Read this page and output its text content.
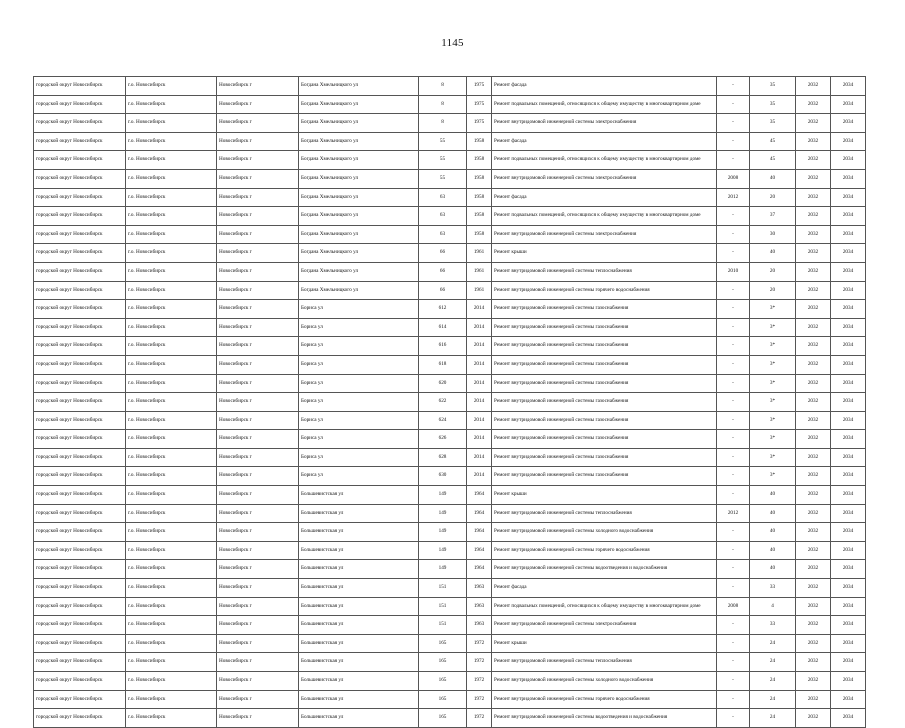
1145
городской округ Новосибирск	г.о. Новосибирск	Новосибирск г	Богдана Хмельницкого ул	8	1975	Ремонт фасада	-	35	2032	2034
городской округ Новосибирск	г.о. Новосибирск	Новосибирск г	Богдана Хмельницкого ул	8	1975	Ремонт подвальных помещений, относящихся к общему имуществу в многоквартирном доме	-	35	2032	2034
городской округ Новосибирск	г.о. Новосибирск	Новосибирск г	Богдана Хмельницкого ул	8	1975	Ремонт внутридомовой инженерной системы электроснабжения	-	35	2032	2034
городской округ Новосибирск	г.о. Новосибирск	Новосибирск г	Богдана Хмельницкого ул	55	1958	Ремонт фасада	-	45	2032	2034
городской округ Новосибирск	г.о. Новосибирск	Новосибирск г	Богдана Хмельницкого ул	55	1958	Ремонт подвальных помещений, относящихся к общему имуществу в многоквартирном доме	-	45	2032	2034
городской округ Новосибирск	г.о. Новосибирск	Новосибирск г	Богдана Хмельницкого ул	55	1958	Ремонт внутридомовой инженерной системы электроснабжения	2008	40	2032	2034
городской округ Новосибирск	г.о. Новосибирск	Новосибирск г	Богдана Хмельницкого ул	63	1958	Ремонт фасада	2012	20	2032	2034
городской округ Новосибирск	г.о. Новосибирск	Новосибирск г	Богдана Хмельницкого ул	63	1958	Ремонт подвальных помещений, относящихся к общему имуществу в многоквартирном доме	-	37	2032	2034
городской округ Новосибирск	г.о. Новосибирск	Новосибирск г	Богдана Хмельницкого ул	63	1958	Ремонт внутридомовой инженерной системы электроснабжения	-	30	2032	2034
городской округ Новосибирск	г.о. Новосибирск	Новосибирск г	Богдана Хмельницкого ул	66	1961	Ремонт крыши	-	40	2032	2034
городской округ Новосибирск	г.о. Новосибирск	Новосибирск г	Богдана Хмельницкого ул	66	1961	Ремонт внутридомовой инженерной системы теплоснабжения	2010	20	2032	2034
городской округ Новосибирск	г.о. Новосибирск	Новосибирск г	Богдана Хмельницкого ул	66	1961	Ремонт внутридомовой инженерной системы горячего водоснабжения	-	20	2032	2034
городской округ Новосибирск	г.о. Новосибирск	Новосибирск г	Бориса ул	612	2014	Ремонт внутридомовой инженерной системы газоснабжения	-	3*	2032	2034
городской округ Новосибирск	г.о. Новосибирск	Новосибирск г	Бориса ул	614	2014	Ремонт внутридомовой инженерной системы газоснабжения	-	3*	2032	2034
городской округ Новосибирск	г.о. Новосибирск	Новосибирск г	Бориса ул	616	2014	Ремонт внутридомовой инженерной системы газоснабжения	-	3*	2032	2034
городской округ Новосибирск	г.о. Новосибирск	Новосибирск г	Бориса ул	618	2014	Ремонт внутридомовой инженерной системы газоснабжения	-	3*	2032	2034
городской округ Новосибирск	г.о. Новосибирск	Новосибирск г	Бориса ул	620	2014	Ремонт внутридомовой инженерной системы газоснабжения	-	3*	2032	2034
городской округ Новосибирск	г.о. Новосибирск	Новосибирск г	Бориса ул	622	2014	Ремонт внутридомовой инженерной системы газоснабжения	-	3*	2032	2034
городской округ Новосибирск	г.о. Новосибирск	Новосибирск г	Бориса ул	624	2014	Ремонт внутридомовой инженерной системы газоснабжения	-	3*	2032	2034
городской округ Новосибирск	г.о. Новосибирск	Новосибирск г	Бориса ул	626	2014	Ремонт внутридомовой инженерной системы газоснабжения	-	3*	2032	2034
городской округ Новосибирск	г.о. Новосибирск	Новосибирск г	Бориса ул	628	2014	Ремонт внутридомовой инженерной системы газоснабжения	-	3*	2032	2034
городской округ Новосибирск	г.о. Новосибирск	Новосибирск г	Бориса ул	630	2014	Ремонт внутридомовой инженерной системы газоснабжения	-	3*	2032	2034
городской округ Новосибирск	г.о. Новосибирск	Новосибирск г	Большевистская ул	149	1964	Ремонт крыши	-	40	2032	2034
городской округ Новосибирск	г.о. Новосибирск	Новосибирск г	Большевистская ул	149	1964	Ремонт внутридомовой инженерной системы теплоснабжения	2012	40	2032	2034
городской округ Новосибирск	г.о. Новосибирск	Новосибирск г	Большевистская ул	149	1964	Ремонт внутридомовой инженерной системы холодного водоснабжения	-	40	2032	2034
городской округ Новосибирск	г.о. Новосибирск	Новосибирск г	Большевистская ул	149	1964	Ремонт внутридомовой инженерной системы горячего водоснабжения	-	40	2032	2034
городской округ Новосибирск	г.о. Новосибирск	Новосибирск г	Большевистская ул	149	1964	Ремонт внутридомовой инженерной системы водоотведения и водоснабжения	-	40	2032	2034
городской округ Новосибирск	г.о. Новосибирск	Новосибирск г	Большевистская ул	151	1963	Ремонт фасада	-	33	2032	2034
городской округ Новосибирск	г.о. Новосибирск	Новосибирск г	Большевистская ул	151	1963	Ремонт подвальных помещений, относящихся к общему имуществу в многоквартирном доме	2008	4	2032	2034
городской округ Новосибирск	г.о. Новосибирск	Новосибирск г	Большевистская ул	151	1963	Ремонт внутридомовой инженерной системы электроснабжения	-	33	2032	2034
городской округ Новосибирск	г.о. Новосибирск	Новосибирск г	Большевистская ул	165	1972	Ремонт крыши	-	24	2032	2034
городской округ Новосибирск	г.о. Новосибирск	Новосибирск г	Большевистская ул	165	1972	Ремонт внутридомовой инженерной системы теплоснабжения	-	24	2032	2034
городской округ Новосибирск	г.о. Новосибирск	Новосибирск г	Большевистская ул	165	1972	Ремонт внутридомовой инженерной системы холодного водоснабжения	-	24	2032	2034
городской округ Новосибирск	г.о. Новосибирск	Новосибирск г	Большевистская ул	165	1972	Ремонт внутридомовой инженерной системы горячего водоснабжения	-	24	2032	2034
городской округ Новосибирск	г.о. Новосибирск	Новосибирск г	Большевистская ул	165	1972	Ремонт внутридомовой инженерной системы водоотведения и водоснабжения	-	24	2032	2034
